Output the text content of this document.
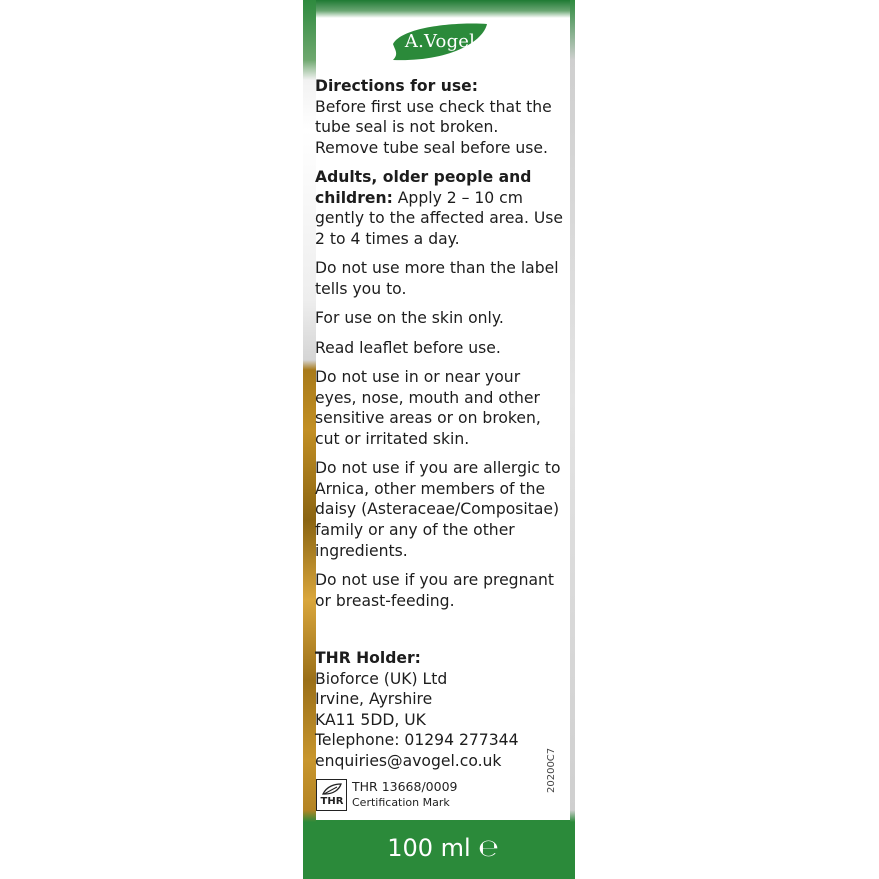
A.Vogel

Directions for use:
Before first use check that the tube seal is not broken. Remove tube seal before use.

Adults, older people and children: Apply 2 – 10 cm gently to the affected area. Use 2 to 4 times a day.

Do not use more than the label tells you to.

For use on the skin only.

Read leaflet before use.

Do not use in or near your eyes, nose, mouth and other sensitive areas or on broken, cut or irritated skin.

Do not use if you are allergic to Arnica, other members of the daisy (Asteraceae/Compositae) family or any of the other ingredients.

Do not use if you are pregnant or breast-feeding.

THR Holder:
Bioforce (UK) Ltd
Irvine, Ayrshire
KA11 5DD, UK
Telephone: 01294 277344
enquiries@avogel.co.uk
THR
THR 13668/0009
Certification Mark
20200C7
100 ml ℮
